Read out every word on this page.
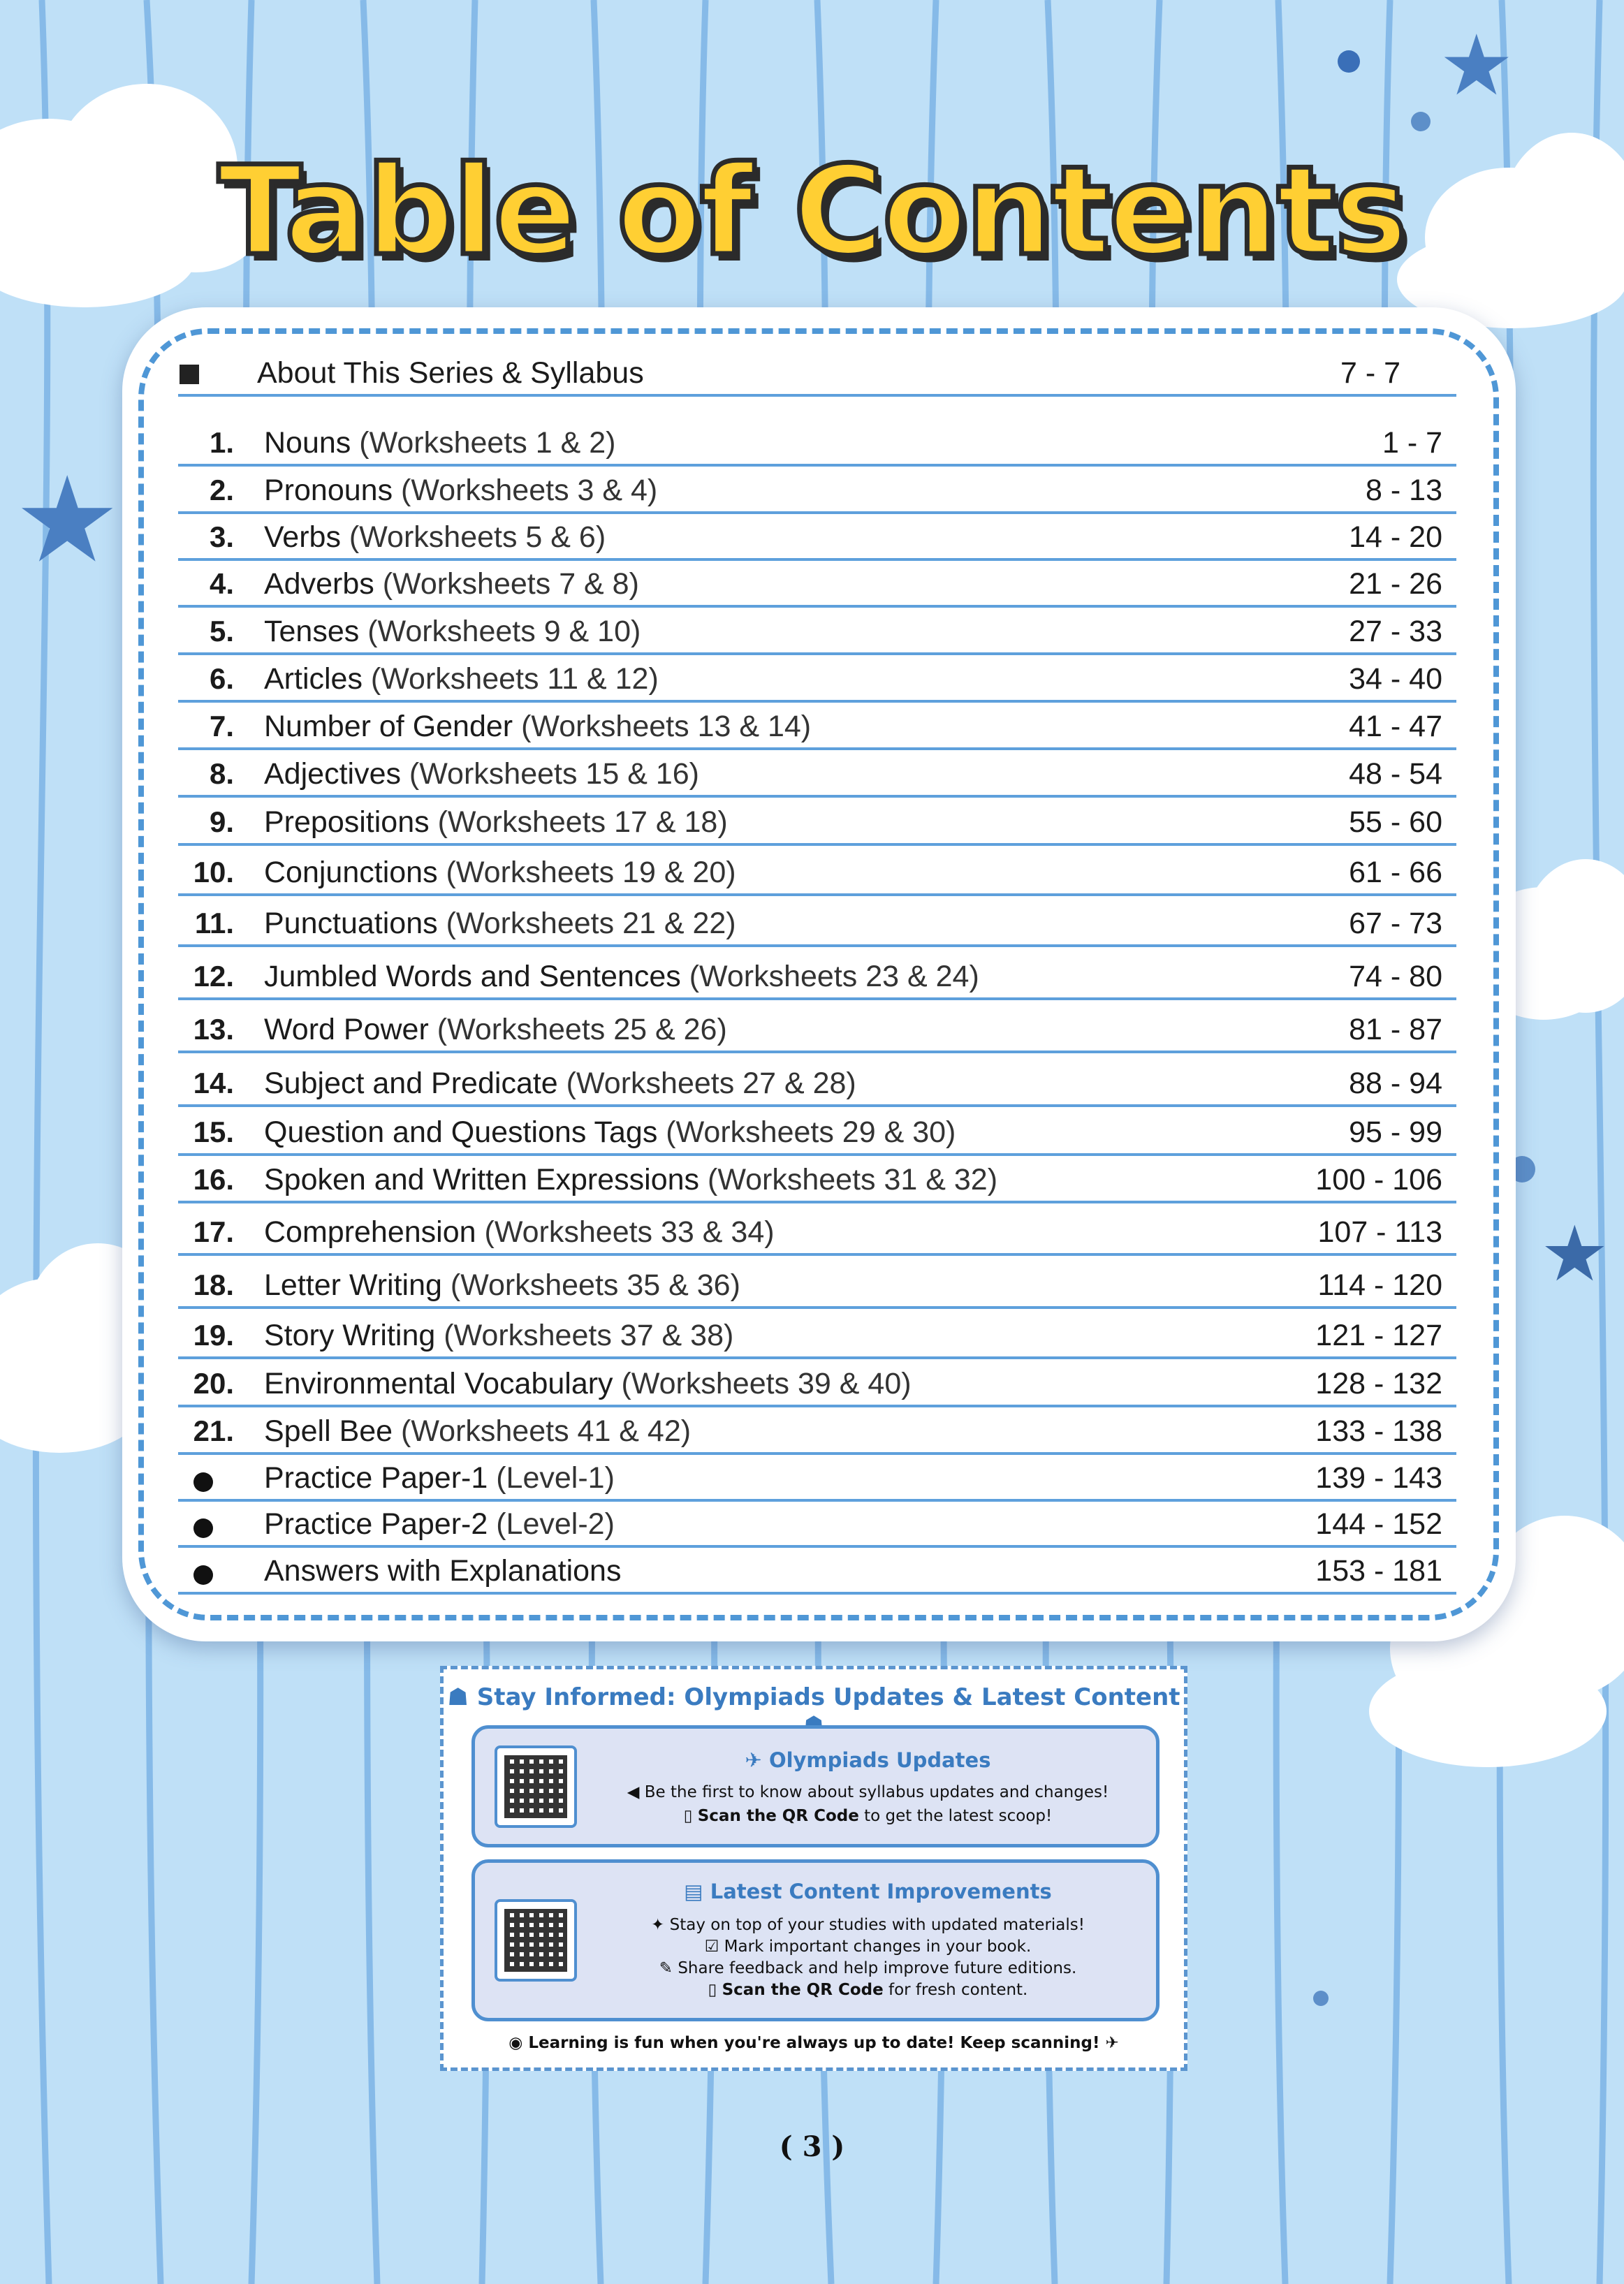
★
★
★
Table of Contents
About This Series & Syllabus	7 - 7
1. Nouns (Worksheets 1 & 2)	1 - 7
2. Pronouns (Worksheets 3 & 4)	8 - 13
3. Verbs (Worksheets 5 & 6)	14 - 20
4. Adverbs (Worksheets 7 & 8)	21 - 26
5. Tenses (Worksheets 9 & 10)	27 - 33
6. Articles (Worksheets 11 & 12)	34 - 40
7. Number of Gender (Worksheets 13 & 14)	41 - 47
8. Adjectives (Worksheets 15 & 16)	48 - 54
9. Prepositions (Worksheets 17 & 18)	55 - 60
10. Conjunctions (Worksheets 19 & 20)	61 - 66
11. Punctuations (Worksheets 21 & 22)	67 - 73
12. Jumbled Words and Sentences (Worksheets 23 & 24)	74 - 80
13. Word Power (Worksheets 25 & 26)	81 - 87
14. Subject and Predicate (Worksheets 27 & 28)	88 - 94
15. Question and Questions Tags (Worksheets 29 & 30)	95 - 99
16. Spoken and Written Expressions (Worksheets 31 & 32)	100 - 106
17. Comprehension (Worksheets 33 & 34)	107 - 113
18. Letter Writing (Worksheets 35 & 36)	114 - 120
19. Story Writing (Worksheets 37 & 38)	121 - 127
20. Environmental Vocabulary (Worksheets 39 & 40)	128 - 132
21. Spell Bee (Worksheets 41 & 42)	133 - 138
Practice Paper-1 (Level-1)	139 - 143
Practice Paper-2 (Level-2)	144 - 152
Answers with Explanations	153 - 181
☗ Stay Informed: Olympiads Updates & Latest Content
✈ Olympiads Updates
◀ Be the first to know about syllabus updates and changes!
▯ Scan the QR Code to get the latest scoop!
▤ Latest Content Improvements
✦ Stay on top of your studies with updated materials!
☑ Mark important changes in your book.
✎ Share feedback and help improve future editions.
▯ Scan the QR Code for fresh content.
◉ Learning is fun when you're always up to date! Keep scanning! ✈
( 3 )
